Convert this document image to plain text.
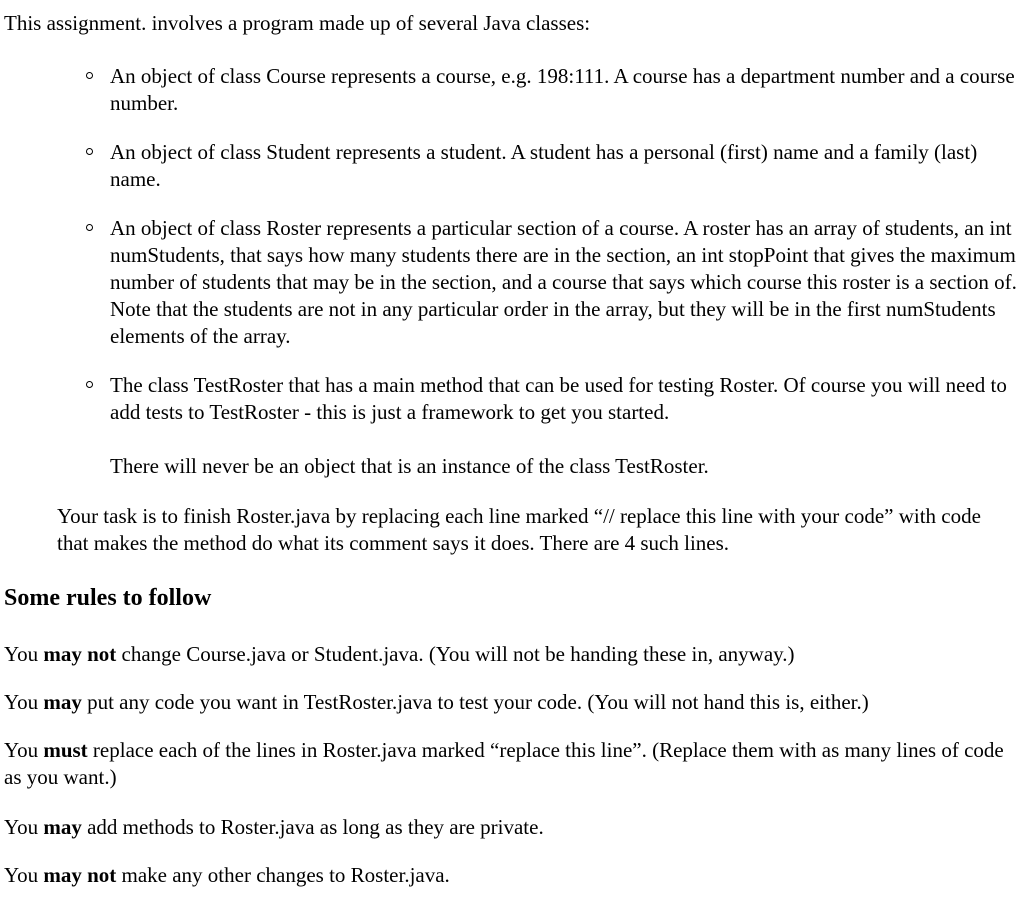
This assignment. involves a program made up of several Java classes:

An object of class Course represents a course, e.g. 198:111. A course has a department number and a course number.
An object of class Student represents a student. A student has a personal (first) name and a family (last) name.
An object of class Roster represents a particular section of a course. A roster has an array of students, an int numStudents, that says how many students there are in the section, an int stopPoint that gives the maximum number of students that may be in the section, and a course that says which course this roster is a section of. Note that the students are not in any particular order in the array, but they will be in the first numStudents elements of the array.
The class TestRoster that has a main method that can be used for testing Roster. Of course you will need to add tests to TestRoster - this is just a framework to get you started.

There will never be an object that is an instance of the class TestRoster.

Your task is to finish Roster.java by replacing each line marked “// replace this line with your code” with code that makes the method do what its comment says it does. There are 4 such lines.

Some rules to follow

You may not change Course.java or Student.java. (You will not be handing these in, anyway.)

You may put any code you want in TestRoster.java to test your code. (You will not hand this is, either.)

You must replace each of the lines in Roster.java marked “replace this line”. (Replace them with as many lines of code as you want.)

You may add methods to Roster.java as long as they are private.

You may not make any other changes to Roster.java.
